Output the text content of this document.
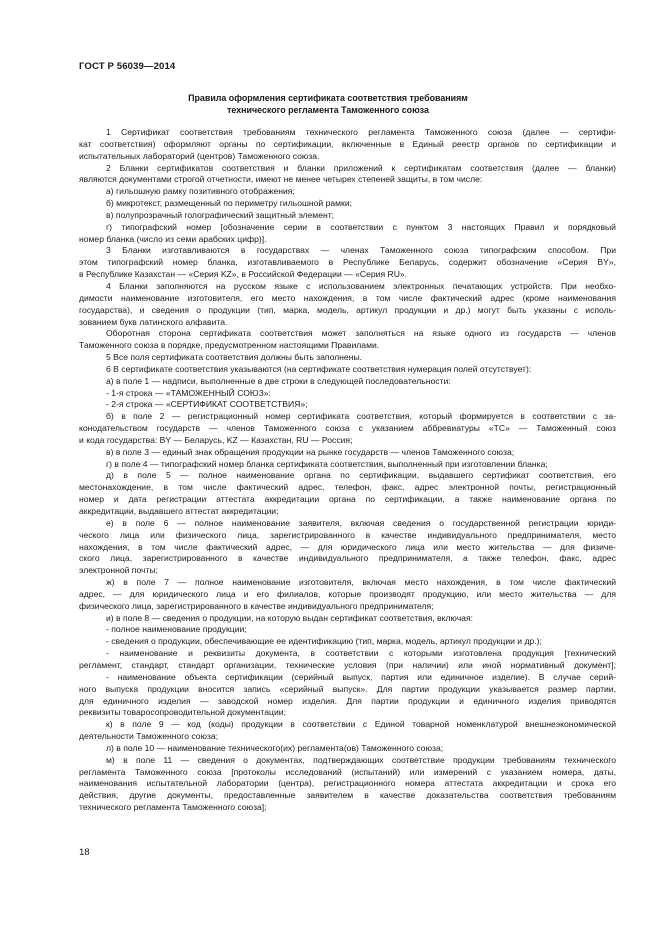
ГОСТ Р 56039—2014
Правила оформления сертификата соответствия требованиям
технического регламента Таможенного союза
1 Сертификат соответствия требованиям технического регламента Таможенного союза (далее — сертифи-
кат соответствия) оформляют органы по сертификации, включенные в Единый реестр органов по сертификации и
испытательных лабораторий (центров) Таможенного союза.
2 Бланки сертификатов соответствия и бланки приложений к сертификатам соответствия (далее — бланки)
являются документами строгой отчетности, имеют не менее четырех степеней защиты, в том числе:
а) гильошную рамку позитивного отображения;
б) микротекст, размещенный по периметру гильошной рамки;
в) полупрозрачный голографический защитный элемент;
г) типографский номер [обозначение серии в соответствии с пунктом 3 настоящих Правил и порядковый
номер бланка (число из семи арабских цифр)].
3 Бланки изготавливаются в государствах — членах Таможенного союза типографским способом. При
этом типографский номер бланка, изготавливаемого в Республике Беларусь, содержит обозначение «Серия BY»,
в Республике Казахстан — «Серия KZ», в Российской Федерации — «Серия RU».
4 Бланки заполняются на русском языке с использованием электронных печатающих устройств. При необхо-
димости наименование изготовителя, его место нахождения, в том числе фактический адрес (кроме наименования
государства), и сведения о продукции (тип, марка, модель, артикул продукции и др.) могут быть указаны с исполь-
зованием букв латинского алфавита.
Оборотная сторона сертификата соответствия может заполняться на языке одного из государств — членов
Таможенного союза в порядке, предусмотренном настоящими Правилами.
5 Все поля сертификата соответствия должны быть заполнены.
6 В сертификате соответствия указываются (на сертификате соответствия нумерация полей отсутствует):
а) в поле 1 — надписи, выполненные в две строки в следующей последовательности:
- 1-я строка — «ТАМОЖЕННЫЙ СОЮЗ»:
- 2-я строка — «СЕРТИФИКАТ СООТВЕТСТВИЯ»;
б) в поле 2 — регистрационный номер сертификата соответствия, который формируется в соответствии с за-
конодательством государств — членов Таможенного союза с указанием аббревиатуры «ТС» — Таможенный союз
и кода государства: BY — Беларусь, KZ — Казахстан, RU — Россия;
в) в поле 3 — единый знак обращения продукции на рынке государств — членов Таможенного союза;
г) в поле 4 — типографский номер бланка сертификата соответствия, выполненный при изготовлении бланка;
д) в поле 5 — полное наименование органа по сертификации, выдавшего сертификат соответствия, его
местонахождение, в том числе фактический адрес, телефон, факс, адрес электронной почты, регистрационный
номер и дата регистрации аттестата аккредитации органа по сертификации, а также наименование органа по
аккредитации, выдавшего аттестат аккредитации;
е) в поле 6 — полное наименование заявителя, включая сведения о государственной регистрации юриди-
ческого лица или физического лица, зарегистрированного в качестве индивидуального предпринимателя, место
нахождения, в том числе фактический адрес, — для юридического лица или место жительства — для физиче-
ского лица, зарегистрированного в качестве индивидуального предпринимателя, а также телефон, факс, адрес
электронной почты;
ж) в поле 7 — полное наименование изготовителя, включая место нахождения, в том числе фактический
адрес, — для юридического лица и его филиалов, которые производят продукцию, или место жительства — для
физического лица, зарегистрированного в качестве индивидуального предпринимателя;
и) в поле 8 — сведения о продукции, на которую выдан сертификат соответствия, включая:
- полное наименование продукции;
- сведения о продукции, обеспечивающие ее идентификацию (тип, марка, модель, артикул продукции и др.);
- наименование и реквизиты документа, в соответствии с которыми изготовлена продукция [технический
регламент, стандарт, стандарт организации, технические условия (при наличии) или иной нормативный документ];
- наименование объекта сертификации (серийный выпуск, партия или единичное изделие). В случае серий-
ного выпуска продукции вносится запись «серийный выпуск». Для партии продукции указывается размер партии,
для единичного изделия — заводской номер изделия. Для партии продукции и единичного изделия приводятся
реквизиты товаросопроводительной документации;
к) в поле 9 — код (коды) продукции в соответствии с Единой товарной номенклатурой внешнеэкономической
деятельности Таможенного союза;
л) в поле 10 — наименование технического(их) регламента(ов) Таможенного союза;
м) в поле 11 — сведения о документах, подтверждающих соответствие продукции требованиям технического
регламента Таможенного союза [протоколы исследований (испытаний) или измерений с указанием номера, даты,
наименования испытательной лаборатории (центра), регистрационного номера аттестата аккредитации и срока его
действия, другие документы, предоставленные заявителем в качестве доказательства соответствия требованиям
технического регламента Таможенного союза];
18
